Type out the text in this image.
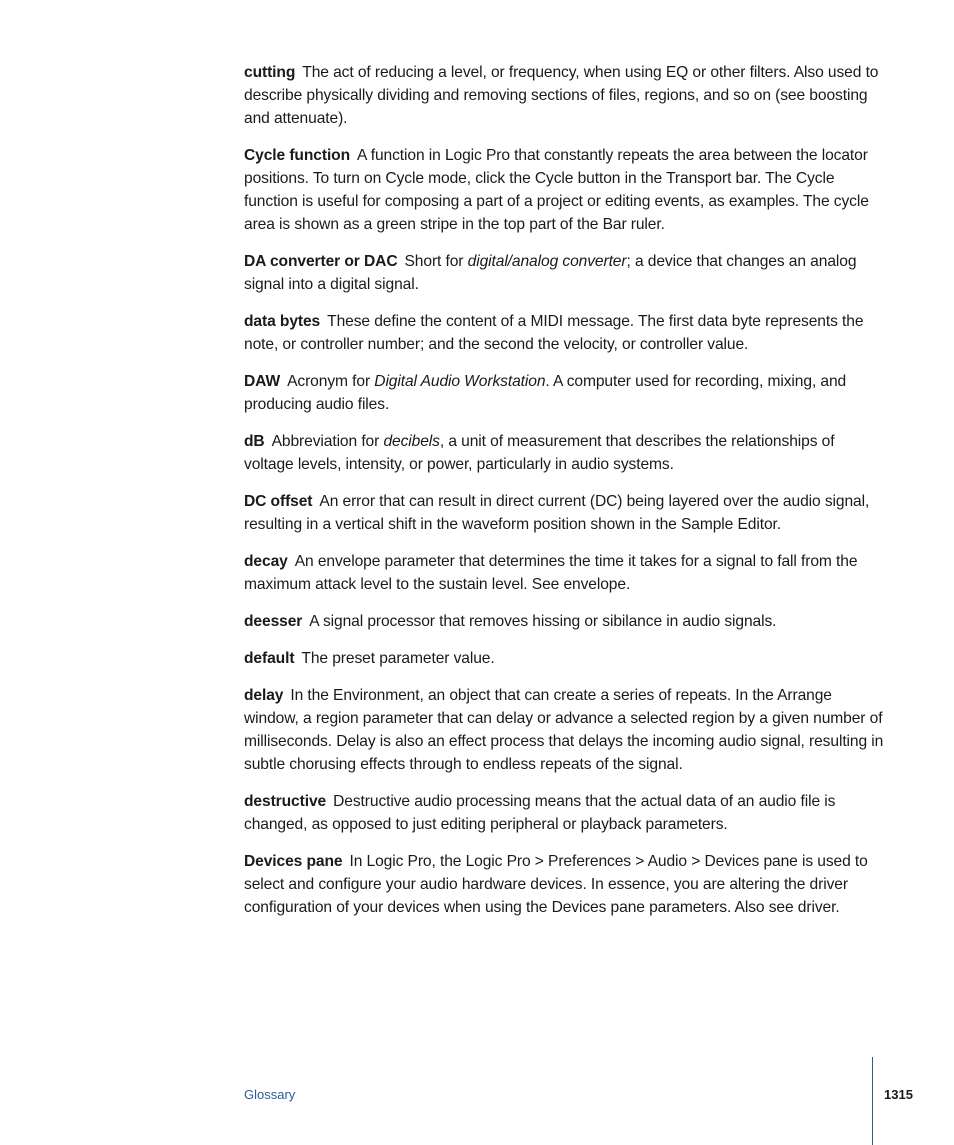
cutting The act of reducing a level, or frequency, when using EQ or other filters. Also used to describe physically dividing and removing sections of files, regions, and so on (see boosting and attenuate).

Cycle function A function in Logic Pro that constantly repeats the area between the locator positions. To turn on Cycle mode, click the Cycle button in the Transport bar. The Cycle function is useful for composing a part of a project or editing events, as examples. The cycle area is shown as a green stripe in the top part of the Bar ruler.

DA converter or DAC Short for digital/analog converter; a device that changes an analog signal into a digital signal.

data bytes These define the content of a MIDI message. The first data byte represents the note, or controller number; and the second the velocity, or controller value.

DAW Acronym for Digital Audio Workstation. A computer used for recording, mixing, and producing audio files.

dB Abbreviation for decibels, a unit of measurement that describes the relationships of voltage levels, intensity, or power, particularly in audio systems.

DC offset An error that can result in direct current (DC) being layered over the audio signal, resulting in a vertical shift in the waveform position shown in the Sample Editor.

decay An envelope parameter that determines the time it takes for a signal to fall from the maximum attack level to the sustain level. See envelope.

deesser A signal processor that removes hissing or sibilance in audio signals.

default The preset parameter value.

delay In the Environment, an object that can create a series of repeats. In the Arrange window, a region parameter that can delay or advance a selected region by a given number of milliseconds. Delay is also an effect process that delays the incoming audio signal, resulting in subtle chorusing effects through to endless repeats of the signal.

destructive Destructive audio processing means that the actual data of an audio file is changed, as opposed to just editing peripheral or playback parameters.

Devices pane In Logic Pro, the Logic Pro > Preferences > Audio > Devices pane is used to select and configure your audio hardware devices. In essence, you are altering the driver configuration of your devices when using the Devices pane parameters. Also see driver.

Glossary	1315
